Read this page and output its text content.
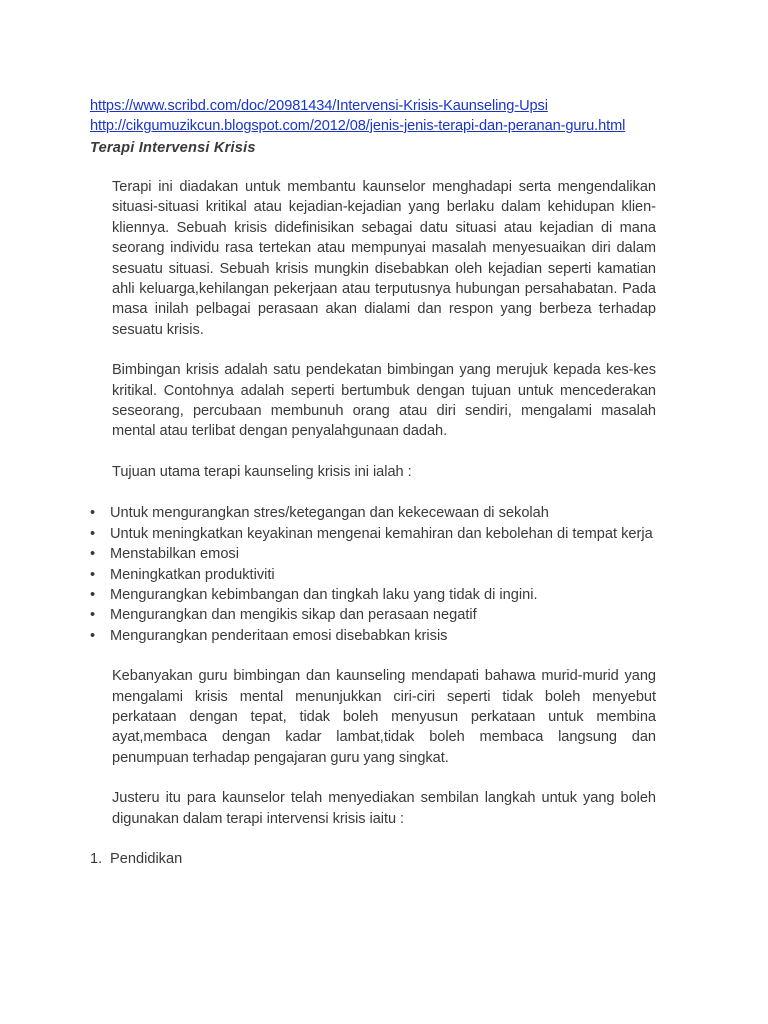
https://www.scribd.com/doc/20981434/Intervensi-Krisis-Kaunseling-Upsi
http://cikgumuzikcun.blogspot.com/2012/08/jenis-jenis-terapi-dan-peranan-guru.html
Terapi Intervensi Krisis

Terapi ini diadakan untuk membantu kaunselor menghadapi serta mengendalikan situasi-situasi kritikal atau kejadian-kejadian yang berlaku dalam kehidupan klien-kliennya. Sebuah krisis didefinisikan sebagai datu situasi atau kejadian di mana seorang individu rasa tertekan atau mempunyai masalah menyesuaikan diri dalam sesuatu situasi. Sebuah krisis mungkin disebabkan oleh kejadian seperti kamatian ahli keluarga,kehilangan pekerjaan atau terputusnya hubungan persahabatan. Pada masa inilah pelbagai perasaan akan dialami dan respon yang berbeza terhadap sesuatu krisis.

Bimbingan krisis adalah satu pendekatan bimbingan yang merujuk kepada kes-kes kritikal. Contohnya adalah seperti bertumbuk dengan tujuan untuk mencederakan seseorang, percubaan membunuh orang atau diri sendiri, mengalami masalah mental atau terlibat dengan penyalahgunaan dadah.

Tujuan utama terapi kaunseling krisis ini ialah :

•	Untuk mengurangkan stres/ketegangan dan kekecewaan di sekolah
•	Untuk meningkatkan keyakinan mengenai kemahiran dan kebolehan di tempat kerja
•	Menstabilkan emosi
•	Meningkatkan produktiviti
•	Mengurangkan kebimbangan dan tingkah laku yang tidak di ingini.
•	Mengurangkan dan mengikis sikap dan perasaan negatif
•	Mengurangkan penderitaan emosi disebabkan krisis

Kebanyakan guru bimbingan dan kaunseling mendapati bahawa murid-murid yang mengalami krisis mental menunjukkan ciri-ciri seperti tidak boleh menyebut perkataan dengan tepat, tidak boleh menyusun perkataan untuk membina ayat,membaca dengan kadar lambat,tidak boleh membaca langsung dan penumpuan terhadap pengajaran guru yang singkat.

Justeru itu para kaunselor telah menyediakan sembilan langkah untuk yang boleh digunakan dalam terapi intervensi krisis iaitu :

1. Pendidikan
